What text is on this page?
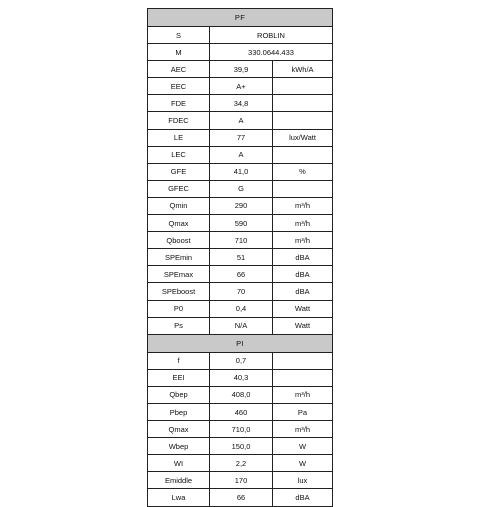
PF
S	ROBLIN
M	330.0644.433
AEC	39,9	kWh/A
EEC	A+
FDE	34,8
FDEC	A
LE	77	lux/Watt
LEC	A
GFE	41,0	%
GFEC	G
Qmin	290	m³/h
Qmax	590	m³/h
Qboost	710	m³/h
SPEmin	51	dBA
SPEmax	66	dBA
SPEboost	70	dBA
P0	0,4	Watt
Ps	N/A	Watt
PI
f	0,7
EEI	40,3
Qbep	408,0	m³/h
Pbep	460	Pa
Qmax	710,0	m³/h
Wbep	150,0	W
WI	2,2	W
Emiddle	170	lux
Lwa	66	dBA
